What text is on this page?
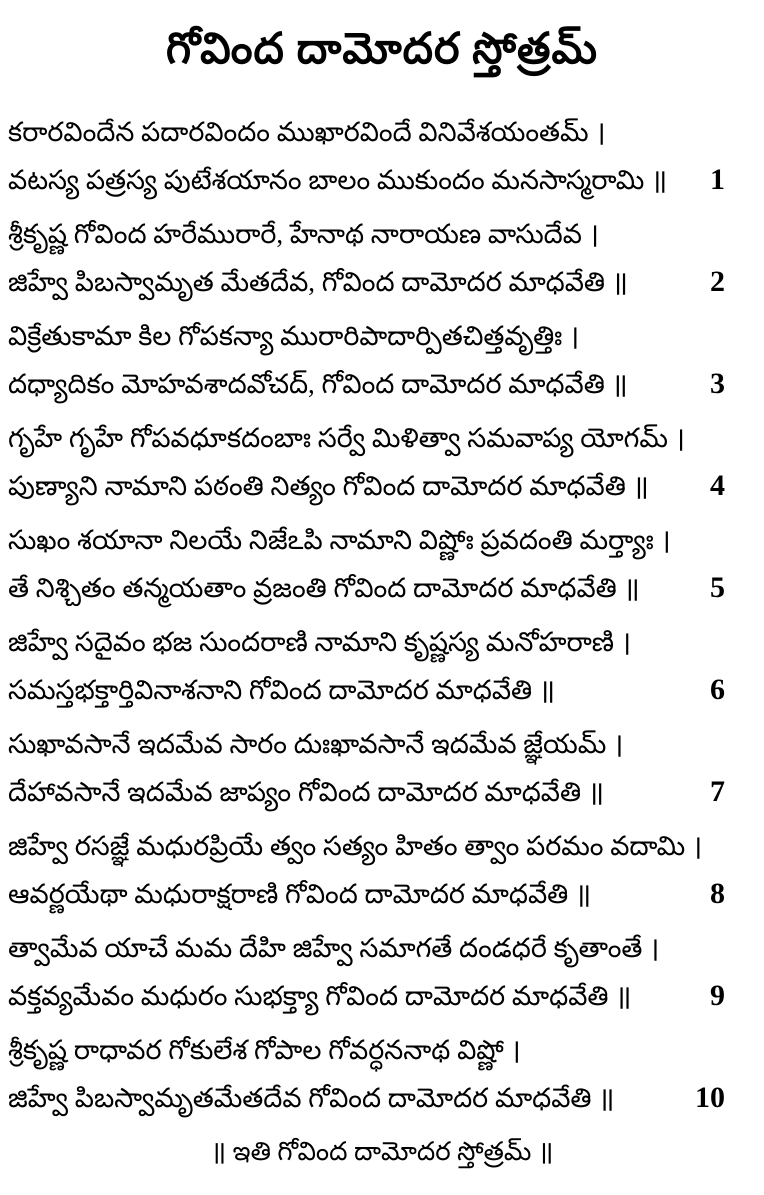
గోవింద దామోదర స్తోత్రమ్
కరారవిందేన పదారవిందం ముఖారవిందే వినివేశయంతమ్ ।
వటస్య పత్రస్య పుటేశయానం బాలం ముకుందం మనసాస్మరామి ॥	1
శ్రీకృష్ణ గోవింద హరేమురారే, హేనాథ నారాయణ వాసుదేవ ।
జిహ్వే పిబస్వామృత మేతదేవ, గోవింద దామోదర మాధవేతి ॥	2
విక్రేతుకామా కిల గోపకన్యా మురారిపాదార్పితచిత్తవృత్తిః ।
దధ్యాదికం మోహవశాదవోచద్, గోవింద దామోదర మాధవేతి ॥	3
గృహే గృహే గోపవధూకదంబాః సర్వే మిళిత్వా సమవాప్య యోగమ్ ।
పుణ్యాని నామాని పఠంతి నిత్యం గోవింద దామోదర మాధవేతి ॥	4
సుఖం శయానా నిలయే నిజేఽపి నామాని విష్ణోః ప్రవదంతి మర్త్యాః ।
తే నిశ్చితం తన్మయతాం వ్రజంతి గోవింద దామోదర మాధవేతి ॥	5
జిహ్వే సదైవం భజ సుందరాణి నామాని కృష్ణస్య మనోహరాణి ।
సమస్తభక్తార్తివినాశనాని గోవింద దామోదర మాధవేతి ॥	6
సుఖావసానే ఇదమేవ సారం దుఃఖావసానే ఇదమేవ జ్ఞేయమ్ ।
దేహావసానే ఇదమేవ జాప్యం గోవింద దామోదర మాధవేతి ॥	7
జిహ్వే రసజ్ఞే మధురప్రియే త్వం సత్యం హితం త్వాం పరమం వదామి ।
ఆవర్ణయేథా మధురాక్షరాణి గోవింద దామోదర మాధవేతి ॥	8
త్వామేవ యాచే మమ దేహి జిహ్వే సమాగతే దండధరే కృతాంతే ।
వక్తవ్యమేవం మధురం సుభక్త్యా గోవింద దామోదర మాధవేతి ॥	9
శ్రీకృష్ణ రాధావర గోకులేశ గోపాల గోవర్ధననాథ విష్ణో ।
జిహ్వే పిబస్వామృతమేతదేవ గోవింద దామోదర మాధవేతి ॥	10
॥ ఇతి గోవింద దామోదర స్తోత్రమ్ ॥
